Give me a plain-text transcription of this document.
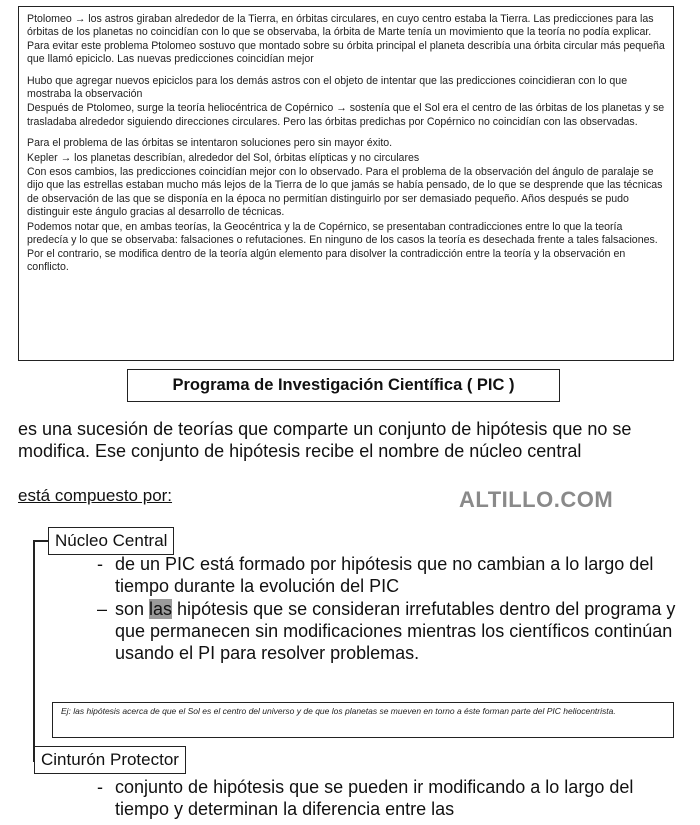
Ptolomeo → los astros giraban alrededor de la Tierra, en órbitas circulares, en cuyo centro estaba la Tierra. Las predicciones para las órbitas de los planetas no coincidían con lo que se observaba, la órbita de Marte tenía un movimiento que la teoría no podía explicar. Para evitar este problema Ptolomeo sostuvo que montado sobre su órbita principal el planeta describía una órbita circular más pequeña que llamó epiciclo. Las nuevas predicciones coincidían mejor

Hubo que agregar nuevos epiciclos para los demás astros con el objeto de intentar que las predicciones coincidieran con lo que mostraba la observación

Después de Ptolomeo, surge la teoría heliocéntrica de Copérnico → sostenía que el Sol era el centro de las órbitas de los planetas y se trasladaba alrededor siguiendo direcciones circulares. Pero las órbitas predichas por Copérnico no coincidían con las observadas.

Para el problema de las órbitas se intentaron soluciones pero sin mayor éxito.

Kepler → los planetas describían, alrededor del Sol, órbitas elípticas y no circulares

Con esos cambios, las predicciones coincidían mejor con lo observado. Para el problema de la observación del ángulo de paralaje se dijo que las estrellas estaban mucho más lejos de la Tierra de lo que jamás se había pensado, de lo que se desprende que las técnicas de observación de las que se disponía en la época no permitían distinguirlo por ser demasiado pequeño. Años después se pudo distinguir este ángulo gracias al desarrollo de técnicas.

Podemos notar que, en ambas teorías, la Geocéntrica y la de Copérnico, se presentaban contradicciones entre lo que la teoría predecía y lo que se observaba: falsaciones o refutaciones. En ninguno de los casos la teoría es desechada frente a tales falsaciones. Por el contrario, se modifica dentro de la teoría algún elemento para disolver la contradicción entre la teoría y la observación en conflicto.

Programa de Investigación Científica ( PIC )
es una sucesión de teorías que comparte un conjunto de hipótesis que no se modifica. Ese conjunto de hipótesis recibe el nombre de núcleo central
está compuesto por:	ALTILLO.COM
Núcleo Central
- de un PIC está formado por hipótesis que no cambian a lo largo del tiempo durante la evolución del PIC
– son las hipótesis que se consideran irrefutables dentro del programa y que permanecen sin modificaciones mientras los científicos continúan usando el PI para resolver problemas.
Ej: las hipótesis acerca de que el Sol es el centro del universo y de que los planetas se mueven en torno a éste forman parte del PIC heliocentrista.
Cinturón Protector
- conjunto de hipótesis que se pueden ir modificando a lo largo del tiempo y determinan la diferencia entre las
